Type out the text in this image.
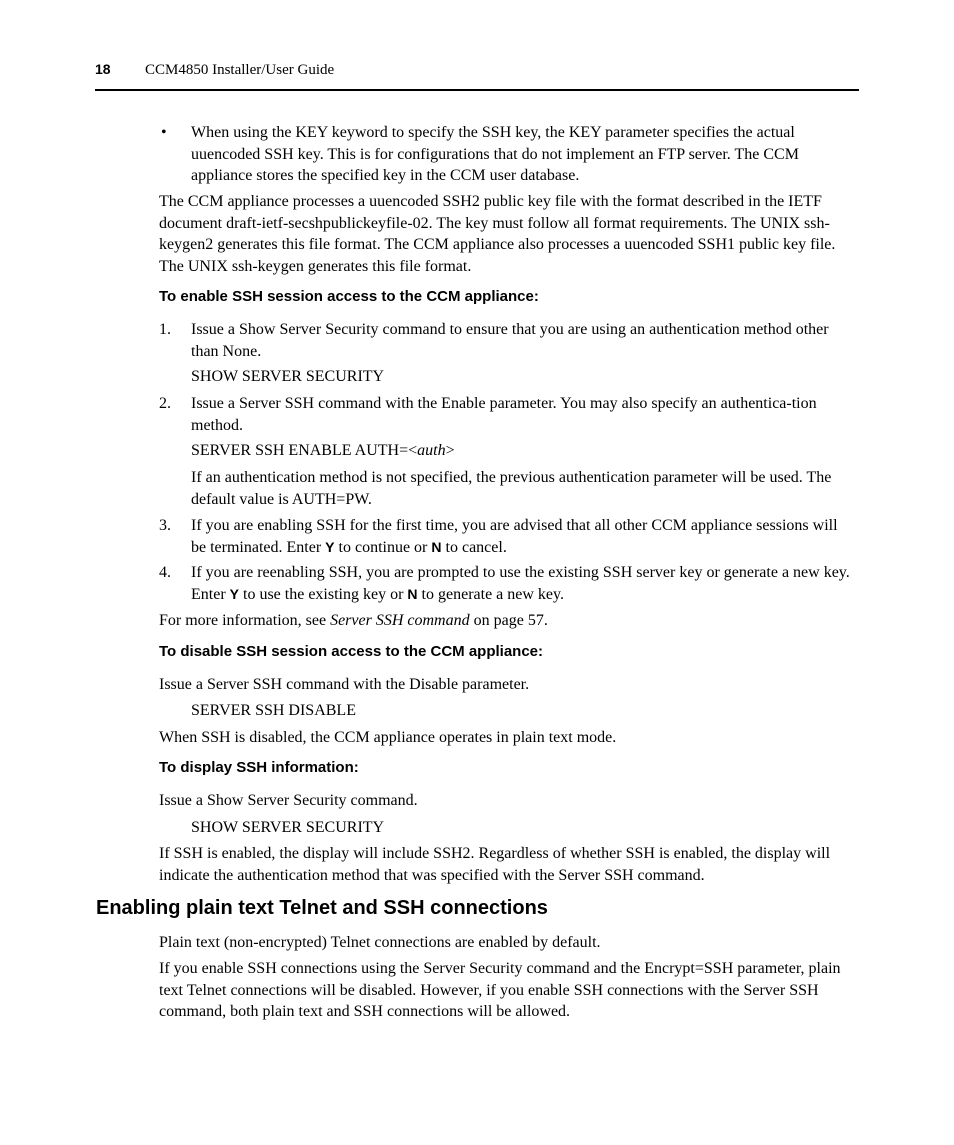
18 CCM4850 Installer/User Guide
• When using the KEY keyword to specify the SSH key, the KEY parameter specifies the actual uuencoded SSH key. This is for configurations that do not implement an FTP server. The CCM appliance stores the specified key in the CCM user database.
The CCM appliance processes a uuencoded SSH2 public key file with the format described in the IETF document draft-ietf-secshpublickeyfile-02. The key must follow all format requirements. The UNIX ssh-keygen2 generates this file format. The CCM appliance also processes a uuencoded SSH1 public key file. The UNIX ssh-keygen generates this file format.
To enable SSH session access to the CCM appliance:
1. Issue a Show Server Security command to ensure that you are using an authentication method other than None.
SHOW SERVER SECURITY
2. Issue a Server SSH command with the Enable parameter. You may also specify an authentica-tion method.
SERVER SSH ENABLE AUTH=<auth>
If an authentication method is not specified, the previous authentication parameter will be used. The default value is AUTH=PW.
3. If you are enabling SSH for the first time, you are advised that all other CCM appliance sessions will be terminated. Enter Y to continue or N to cancel.
4. If you are reenabling SSH, you are prompted to use the existing SSH server key or generate a new key. Enter Y to use the existing key or N to generate a new key.
For more information, see Server SSH command on page 57.
To disable SSH session access to the CCM appliance:
Issue a Server SSH command with the Disable parameter.
SERVER SSH DISABLE
When SSH is disabled, the CCM appliance operates in plain text mode.
To display SSH information:
Issue a Show Server Security command.
SHOW SERVER SECURITY
If SSH is enabled, the display will include SSH2. Regardless of whether SSH is enabled, the display will indicate the authentication method that was specified with the Server SSH command.
Enabling plain text Telnet and SSH connections
Plain text (non-encrypted) Telnet connections are enabled by default.
If you enable SSH connections using the Server Security command and the Encrypt=SSH parameter, plain text Telnet connections will be disabled. However, if you enable SSH connections with the Server SSH command, both plain text and SSH connections will be allowed.
